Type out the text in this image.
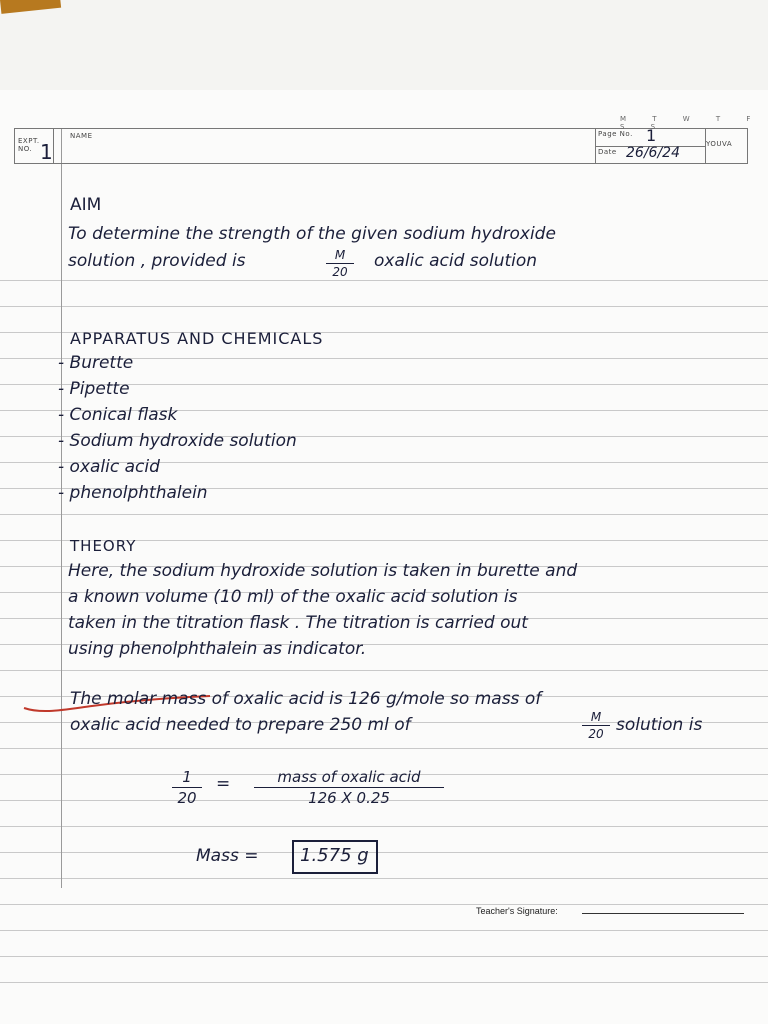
EXPT. NO. 1
NAME
M T W T F S S
Page No. 1
Date 26/6/24
YOUVA
AIM
To determine the strength of the given sodium hydroxide
solution , provided is	$\frac{M}{20}$ oxalic acid solution
APPARATUS AND CHEMICALS
- Burette
- Pipette
- Conical flask
- Sodium hydroxide solution
- oxalic acid
- phenolphthalein
THEORY
Here, the sodium hydroxide solution is taken in burette and
a known volume (10 ml) of the oxalic acid solution is
taken in the titration flask . The titration is carried out
using phenolphthalein as indicator.
The molar mass of oxalic acid is 126 g/mole so mass of
oxalic acid needed to prepare 250 ml of	$\frac{M}{20}$ solution is
$\frac{1}{20}$ =	mass of oxalic acid
126 X 0.25
Mass = 1.575 g
Teacher's Signature:
